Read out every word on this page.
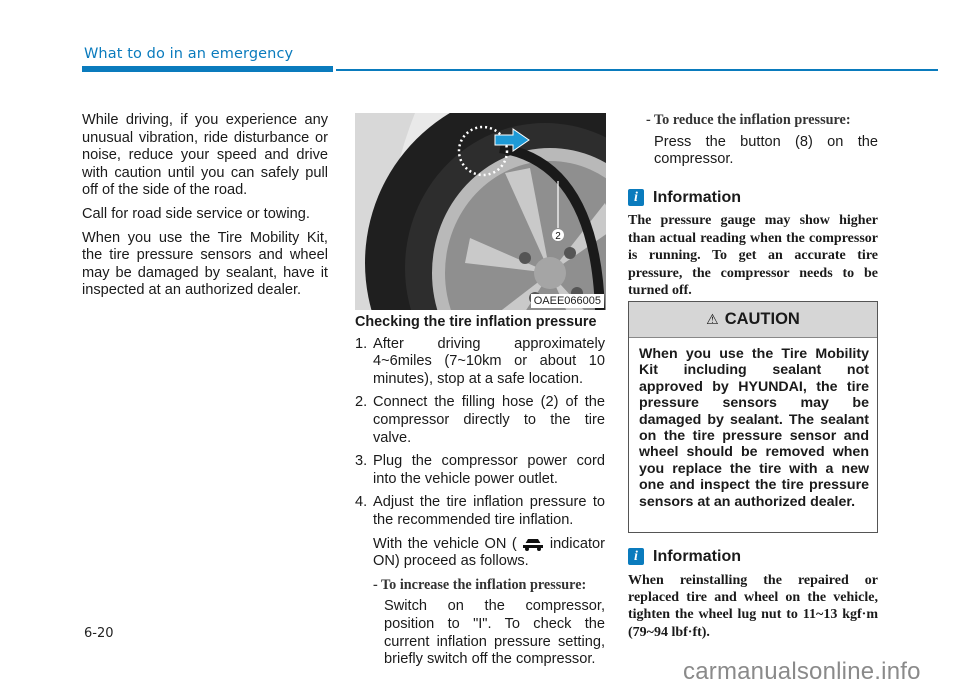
What to do in an emergency

While driving, if you experience any unusual vibration, ride disturbance or noise, reduce your speed and drive with caution until you can safely pull off of the side of the road.

Call for road side service or towing.

When you use the Tire Mobility Kit, the tire pressure sensors and wheel may be damaged by sealant, have it inspected at an authorized dealer.

2
OAEE066005
Checking the tire inflation pressure
1. After driving approximately 4~6miles (7~10km or about 10 minutes), stop at a safe location.
2. Connect the filling hose (2) of the compressor directly to the tire valve.
3. Plug the compressor power cord into the vehicle power outlet.
4. Adjust the tire inflation pressure to the recommended tire inflation.
With the vehicle ON (  indicator ON) proceed as follows.
- To increase the inflation pressure:
Switch on the compressor, position to "I". To check the current inflation pressure setting, briefly switch off the compressor.
- To reduce the inflation pressure:
Press the button (8) on the compressor.
i Information
The pressure gauge may show higher than actual reading when the compressor is running. To get an accurate tire pressure, the compressor needs to be turned off.
⚠ CAUTION
When you use the Tire Mobility Kit including sealant not approved by HYUNDAI, the tire pressure sensors may be damaged by sealant. The sealant on the tire pressure sensor and wheel should be removed when you replace the tire with a new one and inspect the tire pressure sensors at an authorized dealer.
i Information
When reinstalling the repaired or replaced tire and wheel on the vehicle, tighten the wheel lug nut to 11~13 kgf·m (79~94 lbf·ft).
6-20
carmanualsonline.info
